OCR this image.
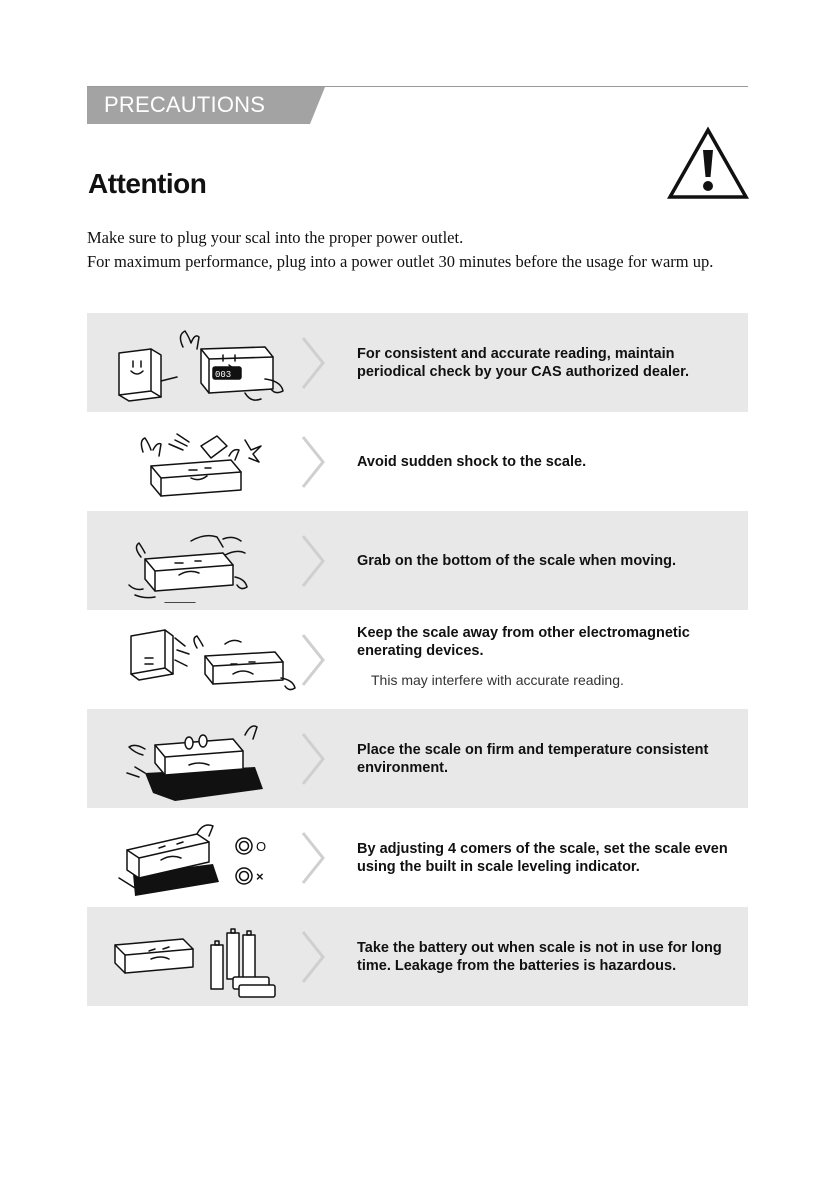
PRECAUTIONS
Attention

Make sure to plug your scal into the proper power outlet.

For maximum performance, plug into a power outlet 30 minutes before the usage for warm up.

003
For consistent and accurate reading, maintain periodical check by your CAS authorized dealer.
Avoid sudden shock to the scale.
Grab on the bottom of the scale when moving.
Keep the scale away from other electromagnetic enerating devices.
This may interfere with accurate reading.
Place the scale on firm and temperature consistent environment.
O
×
By adjusting 4 comers of the scale, set the scale even using the built in scale leveling indicator.
Take the battery out when scale is not in use for long time. Leakage from the batteries is hazardous.
